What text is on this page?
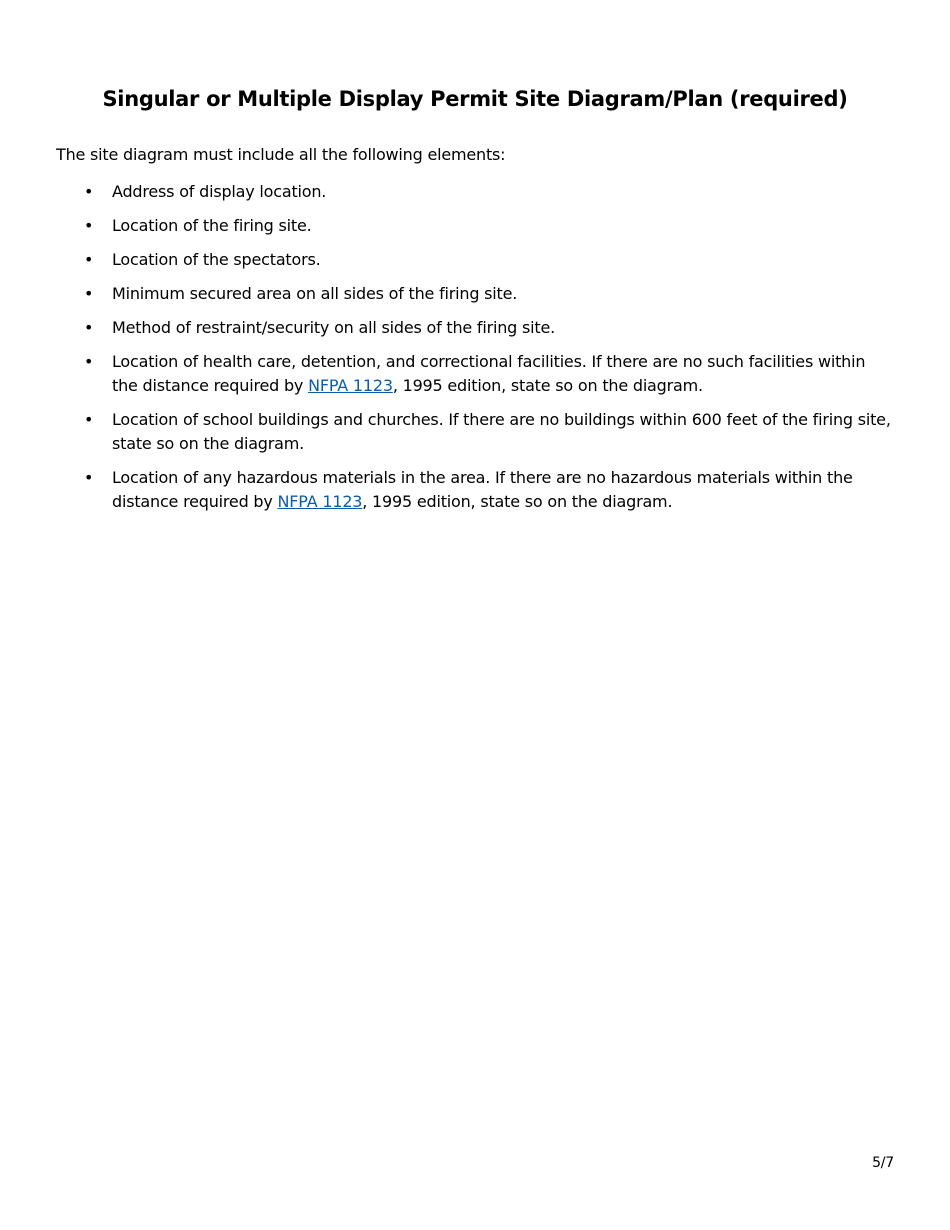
Singular or Multiple Display Permit Site Diagram/Plan (required)

The site diagram must include all the following elements:

• Address of display location.
• Location of the firing site.
• Location of the spectators.
• Minimum secured area on all sides of the firing site.
• Method of restraint/security on all sides of the firing site.
• Location of health care, detention, and correctional facilities. If there are no such facilities within the distance required by NFPA 1123, 1995 edition, state so on the diagram.
• Location of school buildings and churches. If there are no buildings within 600 feet of the firing site, state so on the diagram.
• Location of any hazardous materials in the area. If there are no hazardous materials within the distance required by NFPA 1123, 1995 edition, state so on the diagram.

5/7
